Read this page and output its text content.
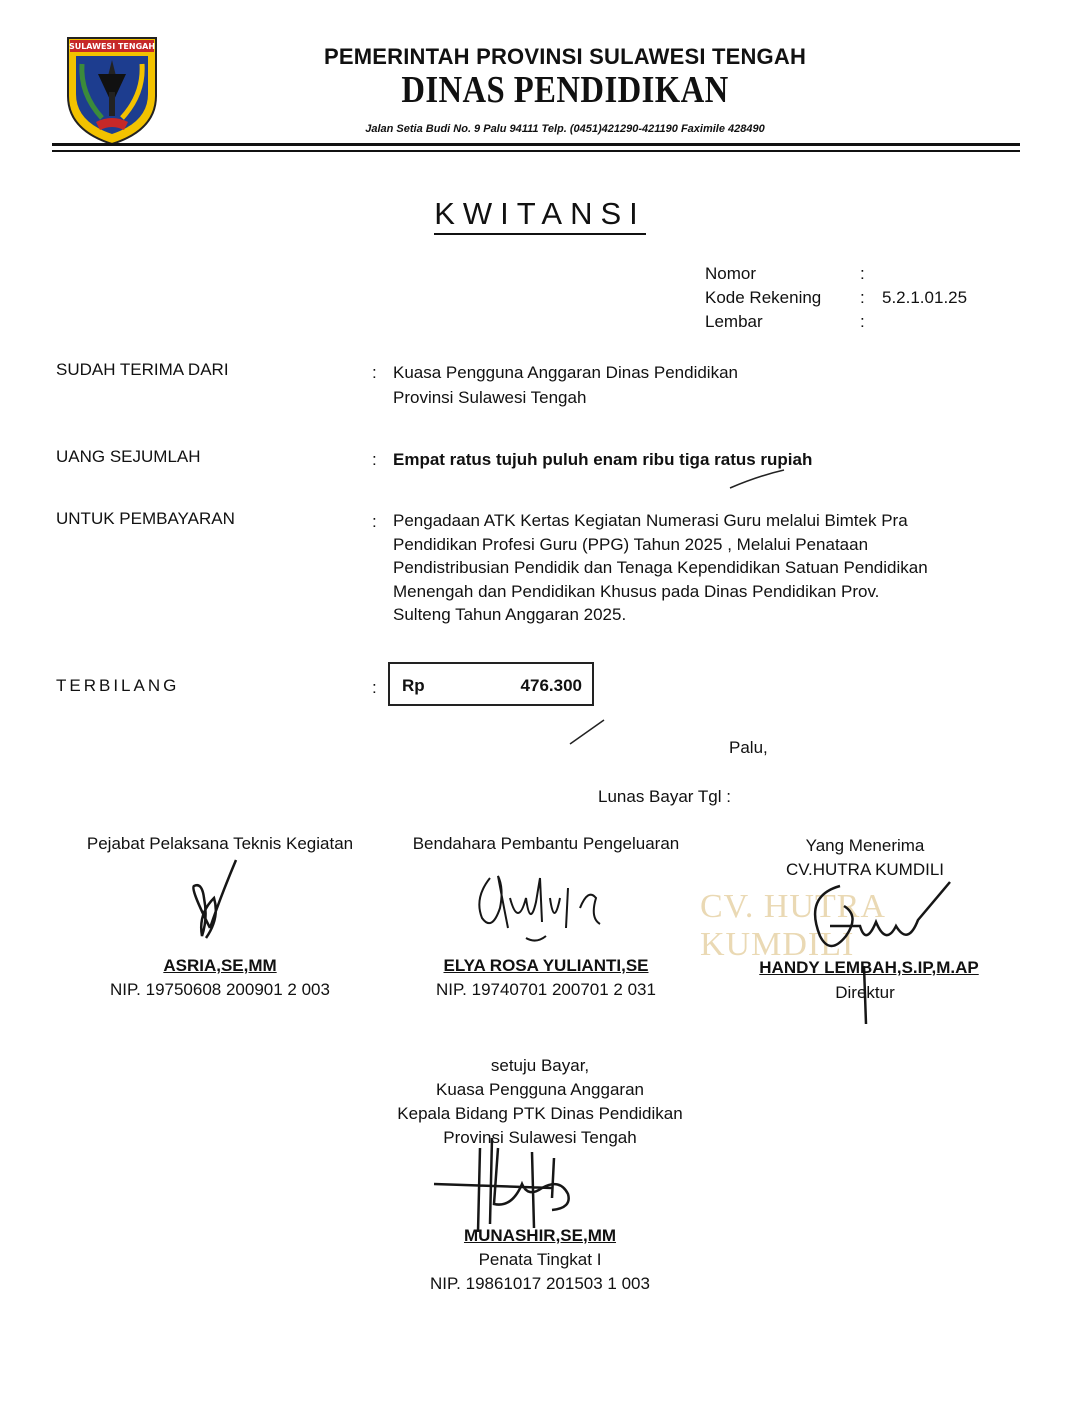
SULAWESI TENGAH	PEMERINTAH PROVINSI SULAWESI TENGAH
DINAS PENDIDIKAN
Jalan Setia Budi No. 9 Palu 94111 Telp. (0451)421290-421190 Faximile 428490
KWITANSI
Nomor	:
Kode Rekening : 5.2.1.01.25
Lembar	:
SUDAH TERIMA DARI	: Kuasa Pengguna Anggaran Dinas Pendidikan
Provinsi Sulawesi Tengah
UANG SEJUMLAH	: Empat ratus tujuh puluh enam ribu tiga ratus rupiah
UNTUK PEMBAYARAN	: Pengadaan ATK Kertas Kegiatan Numerasi Guru melalui Bimtek Pra
Pendidikan Profesi Guru (PPG) Tahun 2025 , Melalui Penataan
Pendistribusian Pendidik dan Tenaga Kependidikan Satuan Pendidikan
Menengah dan Pendidikan Khusus pada Dinas Pendidikan Prov.
Sulteng Tahun Anggaran 2025.
TERBILANG	: Rp	476.300
Palu,
Lunas Bayar Tgl :
Pejabat Pelaksana Teknis Kegiatan
ASRIA,SE,MM
NIP. 19750608 200901 2 003
Bendahara Pembantu Pengeluaran
ELYA ROSA YULIANTI,SE
NIP. 19740701 200701 2 031
CV. HUTRA KUMDILI
Yang Menerima
CV.HUTRA KUMDILI
HANDY LEMBAH,S.IP,M.AP
Direktur
setuju Bayar,
Kuasa Pengguna Anggaran
Kepala Bidang PTK Dinas Pendidikan
Provinsi Sulawesi Tengah
MUNASHIR,SE,MM
Penata Tingkat I
NIP. 19861017 201503 1 003
